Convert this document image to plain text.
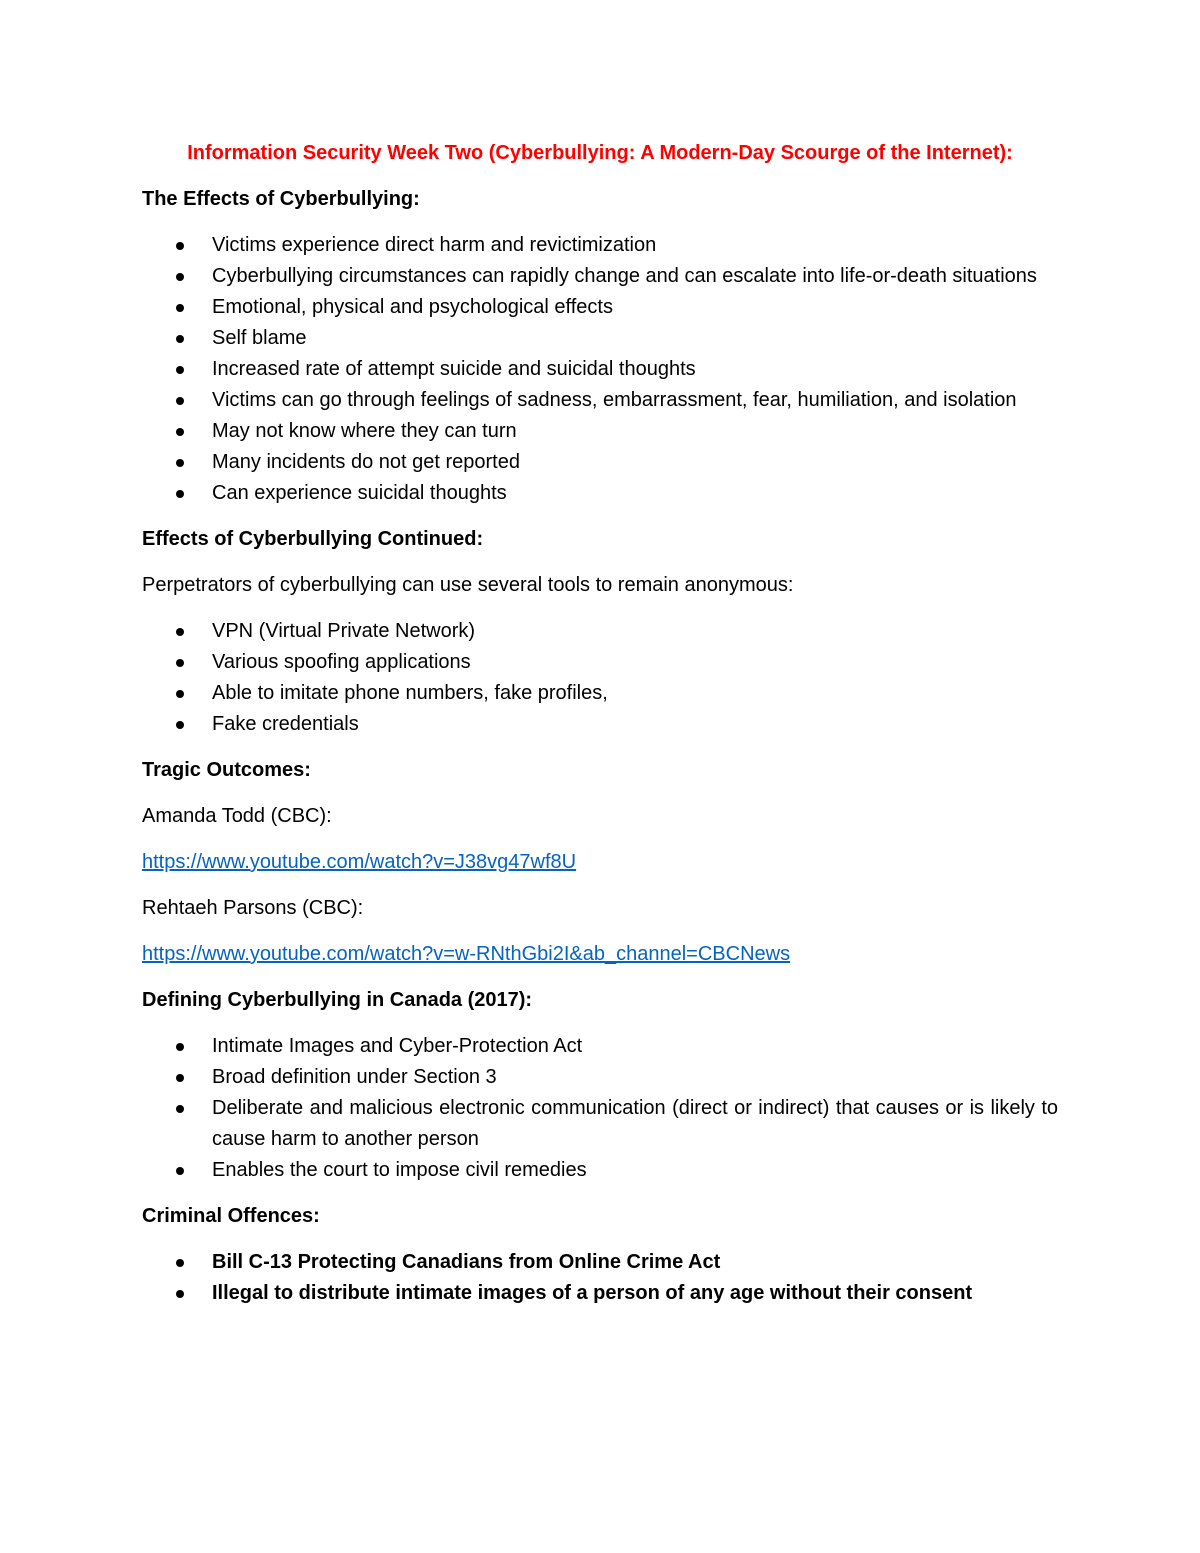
Information Security Week Two (Cyberbullying: A Modern-Day Scourge of the Internet):
The Effects of Cyberbullying:
Victims experience direct harm and revictimization
Cyberbullying circumstances can rapidly change and can escalate into life-or-death situations
Emotional, physical and psychological effects
Self blame
Increased rate of attempt suicide and suicidal thoughts
Victims can go through feelings of sadness, embarrassment, fear, humiliation, and isolation
May not know where they can turn
Many incidents do not get reported
Can experience suicidal thoughts
Effects of Cyberbullying Continued:
Perpetrators of cyberbullying can use several tools to remain anonymous:
VPN (Virtual Private Network)
Various spoofing applications
Able to imitate phone numbers, fake profiles,
Fake credentials
Tragic Outcomes:
Amanda Todd (CBC):
https://www.youtube.com/watch?v=J38vg47wf8U
Rehtaeh Parsons (CBC):
https://www.youtube.com/watch?v=w-RNthGbi2I&ab_channel=CBCNews
Defining Cyberbullying in Canada (2017):
Intimate Images and Cyber-Protection Act
Broad definition under Section 3
Deliberate and malicious electronic communication (direct or indirect) that causes or is likely to cause harm to another person
Enables the court to impose civil remedies
Criminal Offences:
Bill C-13 Protecting Canadians from Online Crime Act
Illegal to distribute intimate images of a person of any age without their consent
